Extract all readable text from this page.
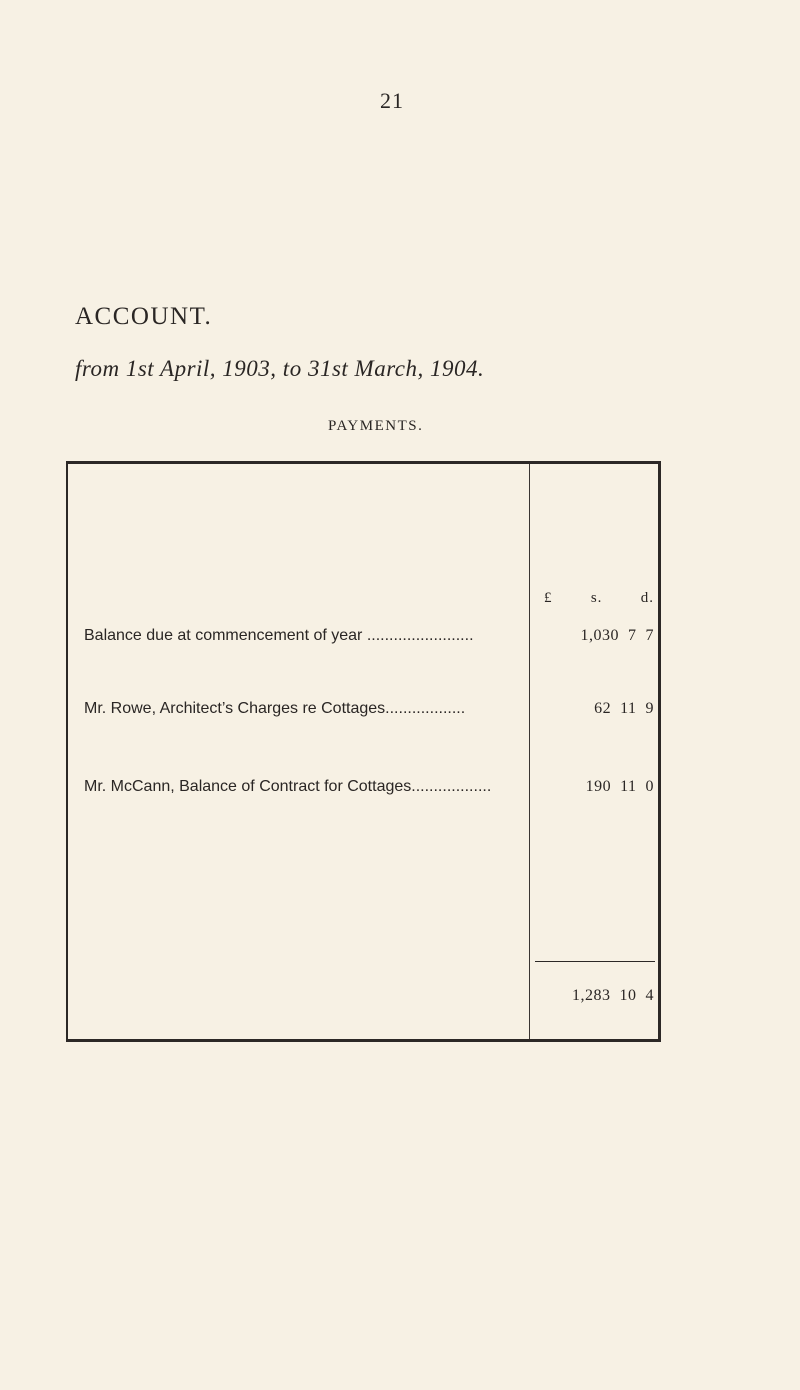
21
ACCOUNT.
from 1st April, 1903, to 31st March, 1904.
PAYMENTS.
£	s.	d.
Balance due at commencement of year ........................	1,030  7  7
Mr. Rowe, Architect’s Charges re Cottages..................	62  11  9
Mr. McCann, Balance of Contract for Cottages..................	190  11  0
1,283  10  4
